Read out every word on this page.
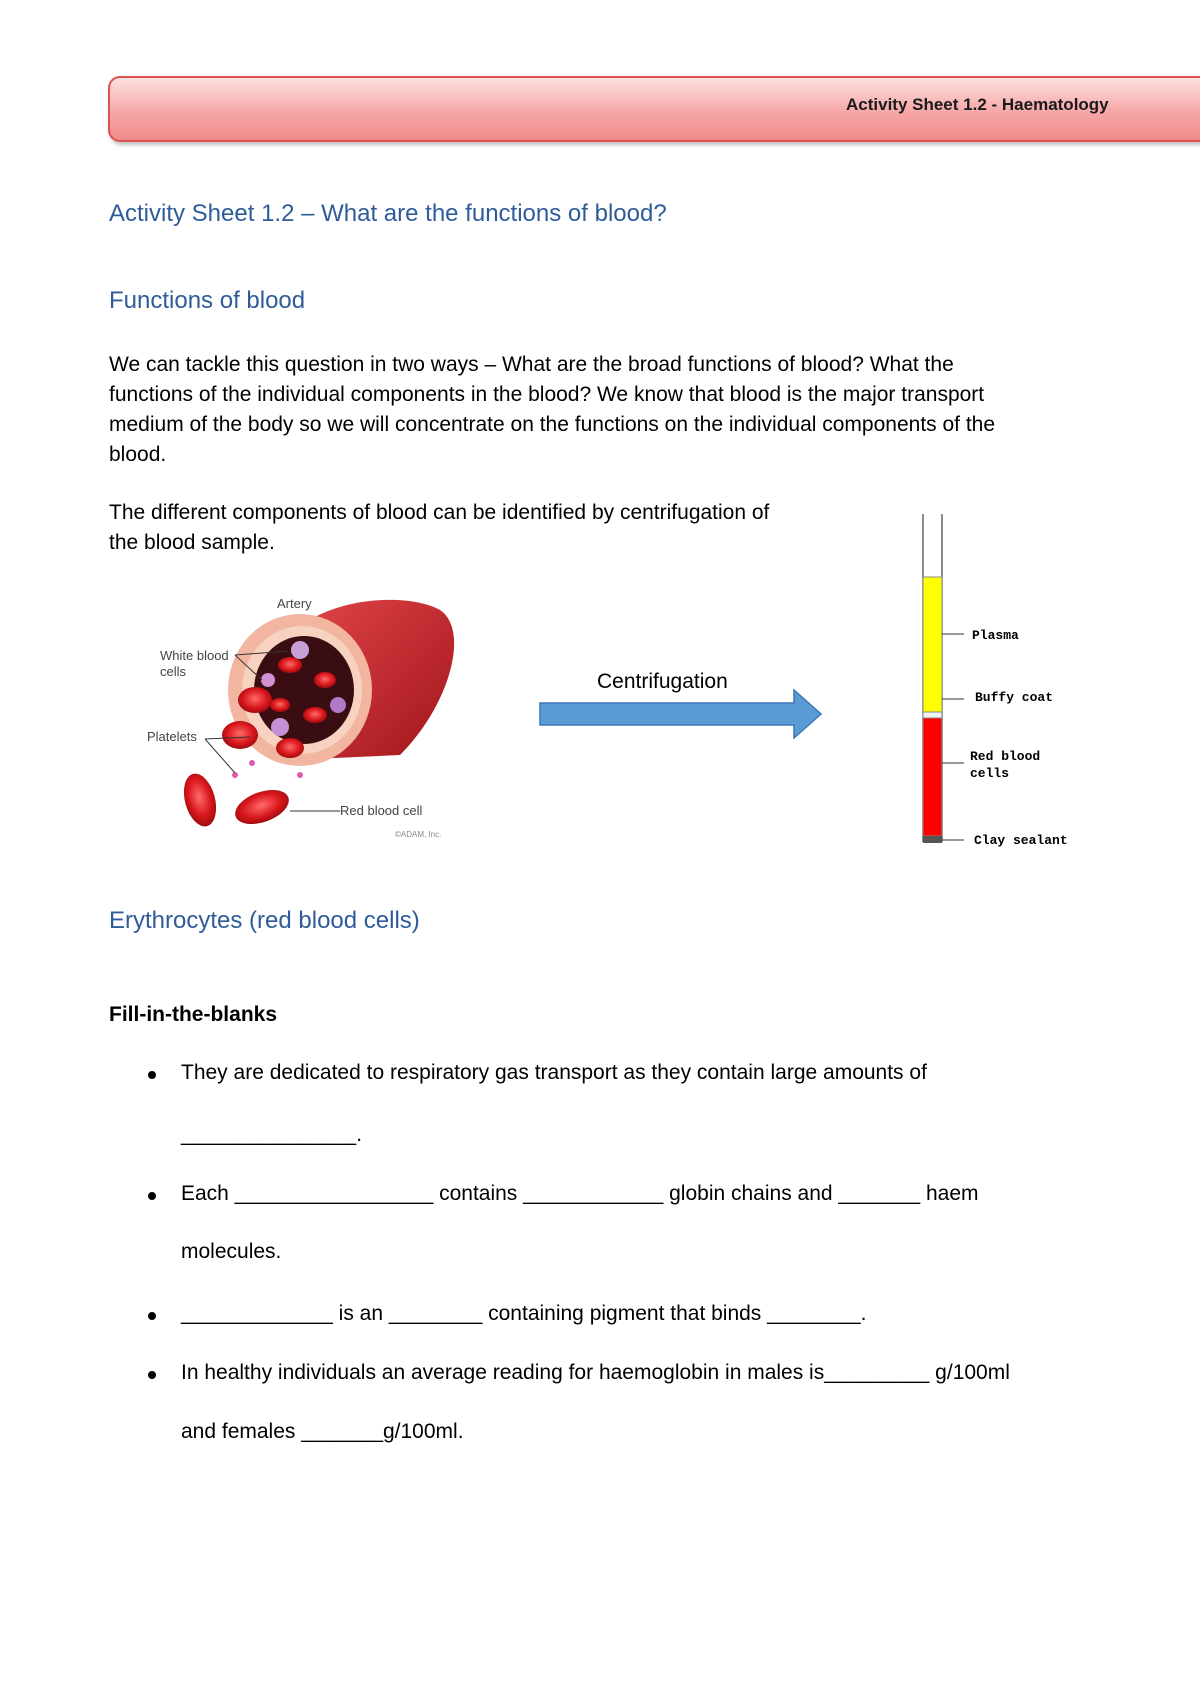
Activity Sheet 1.2 - Haematology
Activity Sheet 1.2 – What are the functions of blood?
Functions of blood
We can tackle this question in two ways – What are the broad functions of blood? What the
functions of the individual components in the blood? We know that blood is the major transport
medium of the body so we will concentrate on the functions on the individual components of the
blood.
The different components of blood can be identified by centrifugation of
the blood sample.
Artery
White blood
cells
Platelets
Red blood cell
©ADAM, Inc.
Centrifugation
Plasma
Buffy coat
Red blood
cells
Clay sealant
Erythrocytes (red blood cells)
Fill-in-the-blanks
They are dedicated to respiratory gas transport as they contain large amounts of
_______________.
Each _________________ contains ____________ globin chains and _______ haem
molecules.
_____________ is an ________ containing pigment that binds ________.
In healthy individuals an average reading for haemoglobin in males is_________ g/100ml
and females _______g/100ml.
